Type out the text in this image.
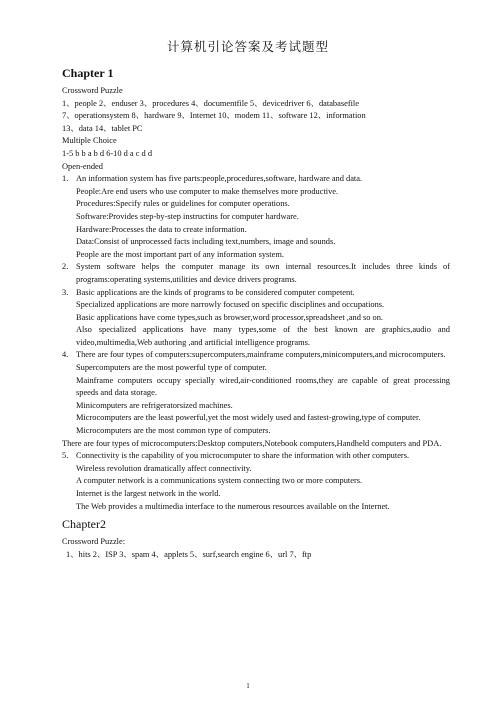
计算机引论答案及考试题型
Chapter 1
Crossword Puzzle
1、people 2、enduser 3、procedures 4、documentfile 5、devicedriver 6、databasefile
7、operationsystem 8、hardware 9、Internet 10、modem 11、software 12、information
13、data 14、tablet PC
Multiple Choice
1-5 b b a b d 6-10 d a c d d
Open-ended
1. An information system has five parts:people,procedures,software, hardware and data.
People:Are end users who use computer to make themselves more productive.
Procedures:Specify rules or guidelines for computer operations.
Software:Provides step-by-step instructins for computer hardware.
Hardware:Processes the data to create information.
Data:Consist of unprocessed facts including text,numbers, image and sounds.
People are the most important part of any information system.
2. System software helps the computer manage its own internal resources.It includes three kinds of programs:operating systems,utilities and device drivers programs.
3. Basic applications are the kinds of programs to be considered computer competent.
Specialized applications are more narrowly focused on specific disciplines and occupations.
Basic applications have come types,such as browser,word processor,spreadsheet ,and so on.
Also specialized applications have many types,some of the best known are graphics,audio and video,multimedia,Web authoring ,and artificial intelligence programs.
4. There are four types of computers:supercomputers,mainframe computers,minicomputers,and microcomputers.
Supercomputers are the most powerful type of computer.
Mainframe computers occupy specially wired,air-conditioned rooms,they are capable of great processing speeds and data storage.
Minicomputers are refrigeratorsized machines.
Microcomputers are the least powerful,yet the most widely used and fastest-growing,type of computer.
Microcomputers are the most common type of computers.
There are four types of microcomputers:Desktop computers,Notebook computers,Handheld computers and PDA.
5. Connectivity is the capability of you microcomputer to share the information with other computers.
Wireless revolution dramatically affect connectivity.
A computer network is a communications system connecting two or more computers.
Internet is the largest network in the world.
The Web provides a multimedia interface to the numerous resources available on the Internet.
Chapter2
Crossword Puzzle:
1、hits 2、ISP 3、spam 4、applets 5、surf,search engine 6、url 7、ftp
1
